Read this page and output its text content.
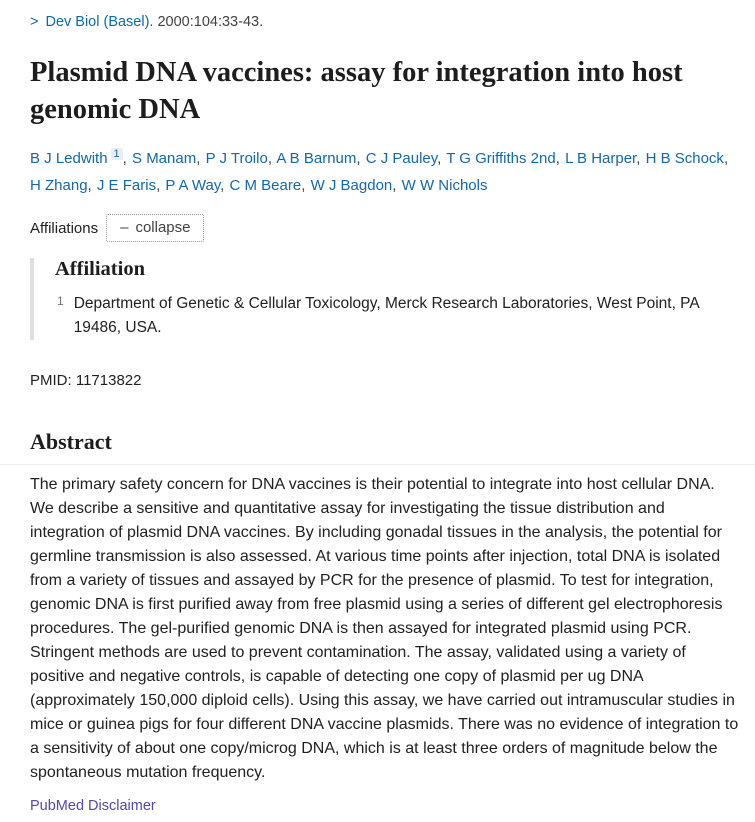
> Dev Biol (Basel). 2000:104:33-43.
Plasmid DNA vaccines: assay for integration into host genomic DNA
B J Ledwith $^1$ , S Manam, P J Troilo, A B Barnum, C J Pauley, T G Griffiths 2nd, L B Harper, H B Schock, H Zhang, J E Faris, P A Way, C M Beare, W J Bagdon, W W Nichols
Affiliations – collapse
Affiliation
1 Department of Genetic & Cellular Toxicology, Merck Research Laboratories, West Point, PA 19486, USA.
PMID: 11713822
Abstract

The primary safety concern for DNA vaccines is their potential to integrate into host cellular DNA. We describe a sensitive and quantitative assay for investigating the tissue distribution and integration of plasmid DNA vaccines. By including gonadal tissues in the analysis, the potential for germline transmission is also assessed. At various time points after injection, total DNA is isolated from a variety of tissues and assayed by PCR for the presence of plasmid. To test for integration, genomic DNA is first purified away from free plasmid using a series of different gel electrophoresis procedures. The gel-purified genomic DNA is then assayed for integrated plasmid using PCR. Stringent methods are used to prevent contamination. The assay, validated using a variety of positive and negative controls, is capable of detecting one copy of plasmid per ug DNA (approximately 150,000 diploid cells). Using this assay, we have carried out intramuscular studies in mice or guinea pigs for four different DNA vaccine plasmids. There was no evidence of integration to a sensitivity of about one copy/microg DNA, which is at least three orders of magnitude below the spontaneous mutation frequency.

PubMed Disclaimer
